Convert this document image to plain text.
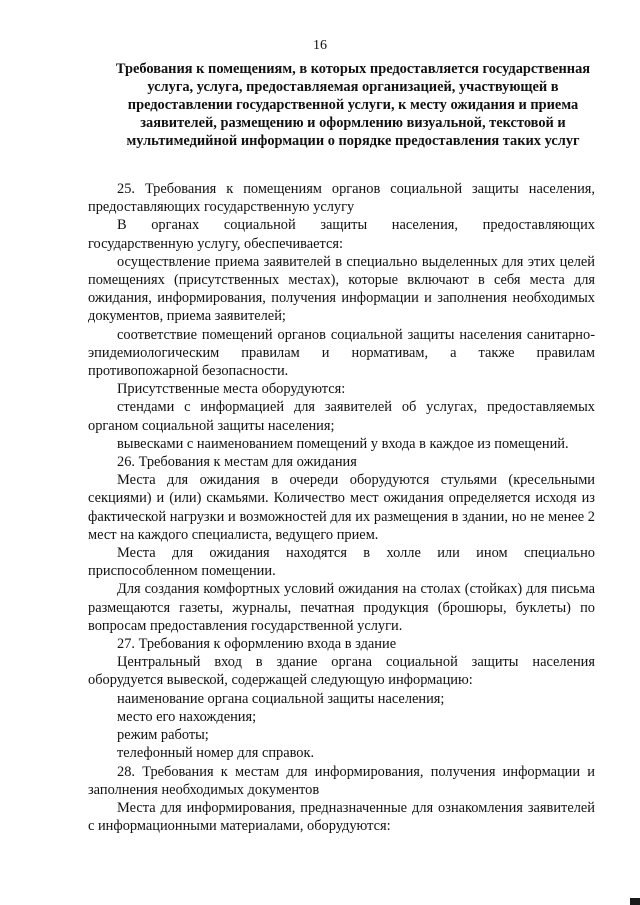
16
Требования к помещениям, в которых предоставляется государственная услуга, услуга, предоставляемая организацией, участвующей в предоставлении государственной услуги, к месту ожидания и приема заявителей, размещению и оформлению визуальной, текстовой и мультимедийной информации о порядке предоставления таких услуг

25. Требования к помещениям органов социальной защиты населения, предоставляющих государственную услугу

В органах социальной защиты населения, предоставляющих государственную услугу, обеспечивается:

осуществление приема заявителей в специально выделенных для этих целей помещениях (присутственных местах), которые включают в себя места для ожидания, информирования, получения информации и заполнения необходимых документов, приема заявителей;

соответствие помещений органов социальной защиты населения санитарно-эпидемиологическим правилам и нормативам, а также правилам противопожарной безопасности.

Присутственные места оборудуются:

стендами с информацией для заявителей об услугах, предоставляемых органом социальной защиты населения;

вывесками с наименованием помещений у входа в каждое из помещений.

26. Требования к местам для ожидания

Места для ожидания в очереди оборудуются стульями (кресельными секциями) и (или) скамьями. Количество мест ожидания определяется исходя из фактической нагрузки и возможностей для их размещения в здании, но не менее 2 мест на каждого специалиста, ведущего прием.

Места для ожидания находятся в холле или ином специально приспособленном помещении.

Для создания комфортных условий ожидания на столах (стойках) для письма размещаются газеты, журналы, печатная продукция (брошюры, буклеты) по вопросам предоставления государственной услуги.

27. Требования к оформлению входа в здание

Центральный вход в здание органа социальной защиты населения оборудуется вывеской, содержащей следующую информацию:

наименование органа социальной защиты населения;

место его нахождения;

режим работы;

телефонный номер для справок.

28. Требования к местам для информирования, получения информации и заполнения необходимых документов

Места для информирования, предназначенные для ознакомления заявителей с информационными материалами, оборудуются:
